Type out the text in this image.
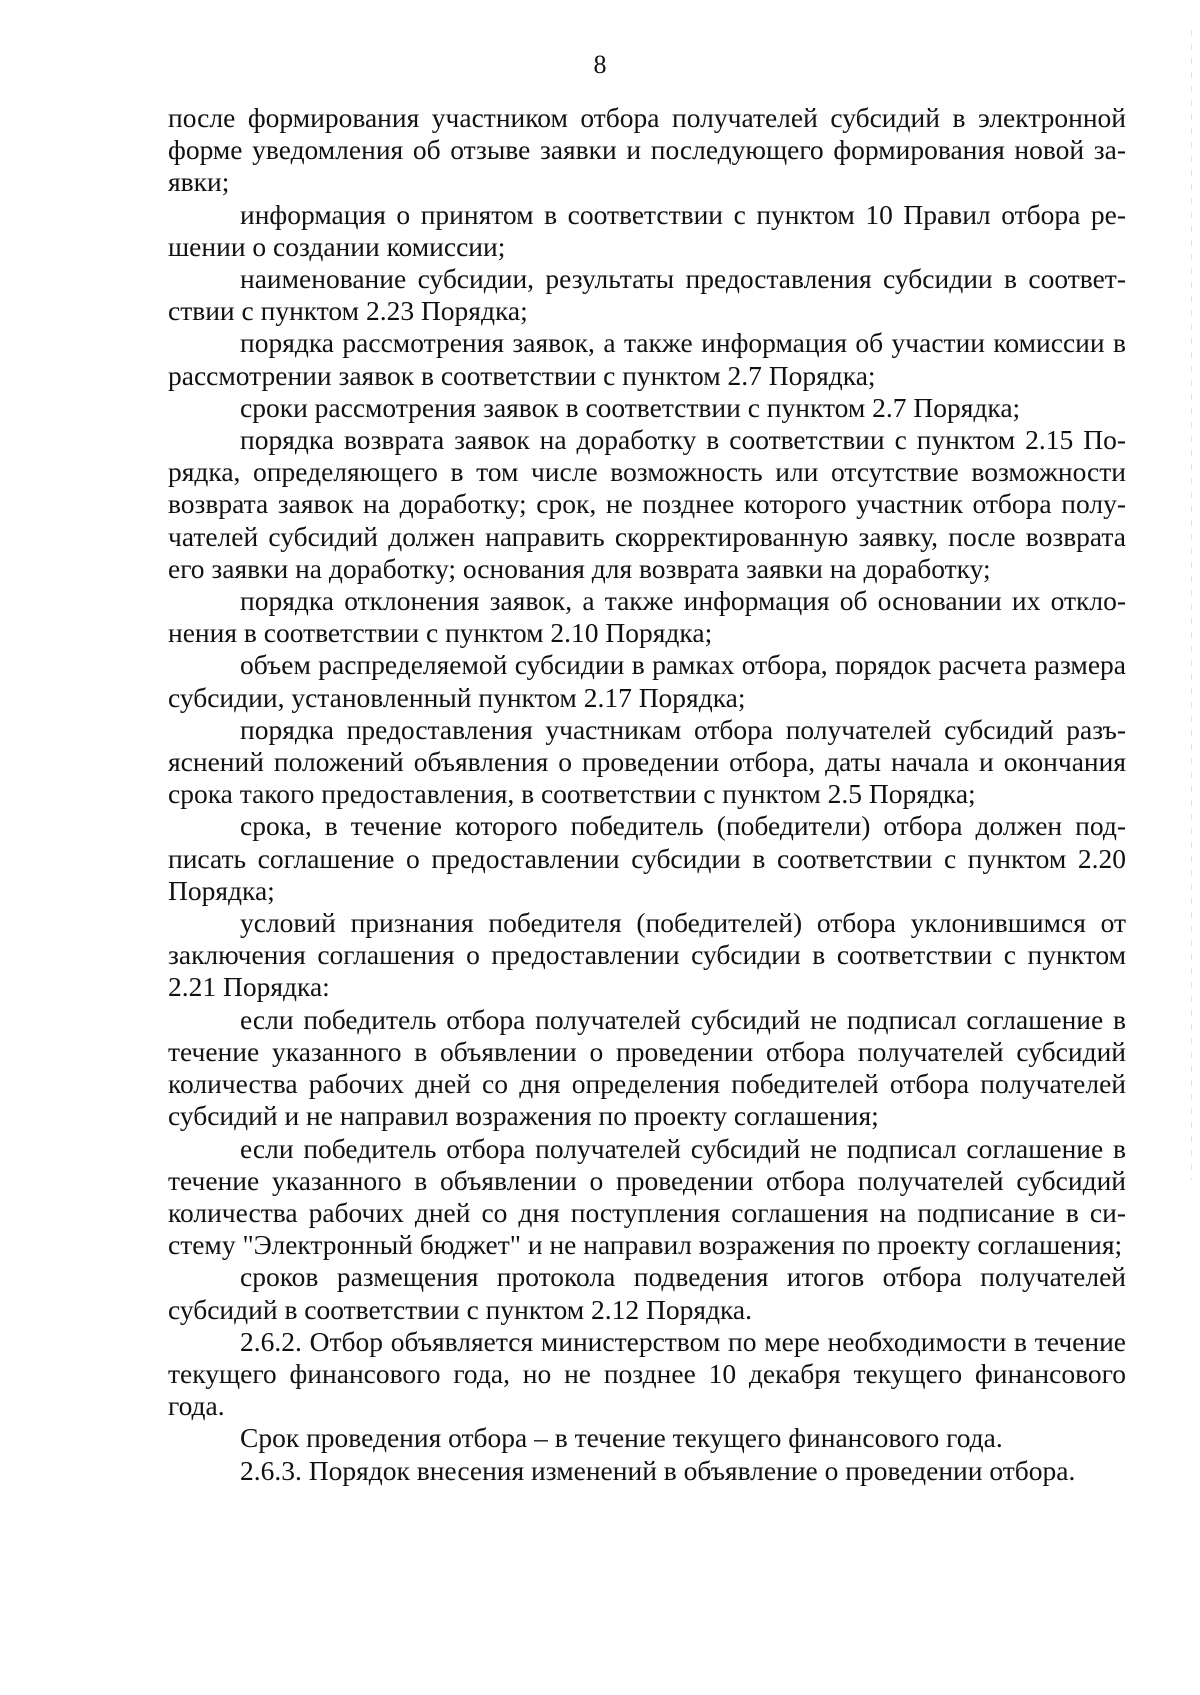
8

после формирования участником отбора получателей субсидий в электронной форме уведомления об отзыве заявки и последующего формирования новой заявки;

информация о принятом в соответствии с пунктом 10 Правил отбора решении о создании комиссии;

наименование субсидии, результаты предоставления субсидии в соответствии с пунктом 2.23 Порядка;

порядка рассмотрения заявок, а также информация об участии комиссии в рассмотрении заявок в соответствии с пунктом 2.7 Порядка;

сроки рассмотрения заявок в соответствии с пунктом 2.7 Порядка;

порядка возврата заявок на доработку в соответствии с пунктом 2.15 Порядка, определяющего в том числе возможность или отсутствие возможности возврата заявок на доработку; срок, не позднее которого участник отбора получателей субсидий должен направить скорректированную заявку, после возврата его заявки на доработку; основания для возврата заявки на доработку;

порядка отклонения заявок, а также информация об основании их отклонения в соответствии с пунктом 2.10 Порядка;

объем распределяемой субсидии в рамках отбора, порядок расчета размера субсидии, установленный пунктом 2.17 Порядка;

порядка предоставления участникам отбора получателей субсидий разъяснений положений объявления о проведении отбора, даты начала и окончания срока такого предоставления, в соответствии с пунктом 2.5 Порядка;

срока, в течение которого победитель (победители) отбора должен подписать соглашение о предоставлении субсидии в соответствии с пунктом 2.20 Порядка;

условий признания победителя (победителей) отбора уклонившимся от заключения соглашения о предоставлении субсидии в соответствии с пунктом 2.21 Порядка:

если победитель отбора получателей субсидий не подписал соглашение в течение указанного в объявлении о проведении отбора получателей субсидий количества рабочих дней со дня определения победителей отбора получателей субсидий и не направил возражения по проекту соглашения;

если победитель отбора получателей субсидий не подписал соглашение в течение указанного в объявлении о проведении отбора получателей субсидий количества рабочих дней со дня поступления соглашения на подписание в систему "Электронный бюджет" и не направил возражения по проекту соглашения;

сроков размещения протокола подведения итогов отбора получателей субсидий в соответствии с пунктом 2.12 Порядка.

2.6.2. Отбор объявляется министерством по мере необходимости в течение текущего финансового года, но не позднее 10 декабря текущего финансового года.

Срок проведения отбора – в течение текущего финансового года.

2.6.3. Порядок внесения изменений в объявление о проведении отбора.
